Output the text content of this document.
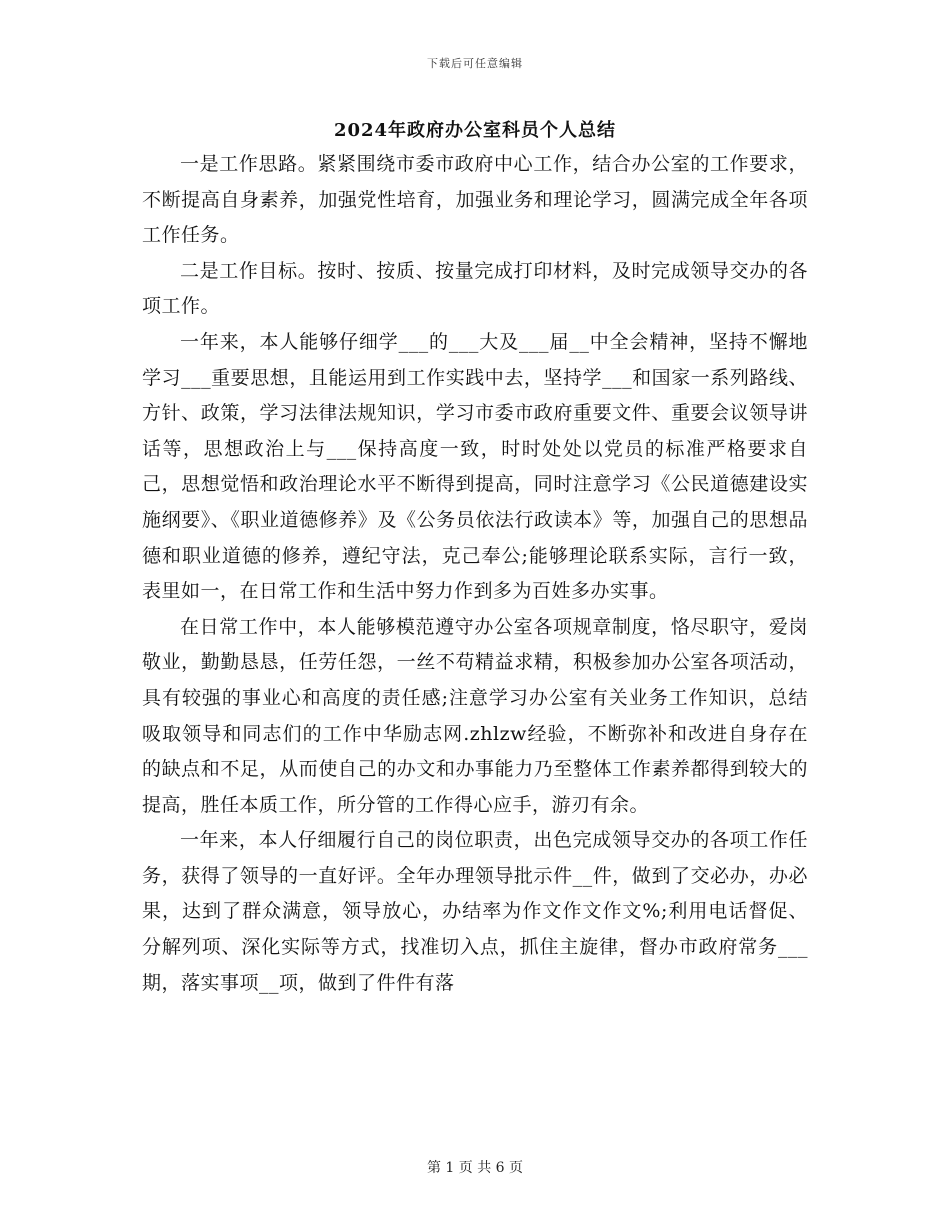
下载后可任意编辑
2024年政府办公室科员个人总结

一是工作思路。紧紧围绕市委市政府中心工作，结合办公室的工作要求，不断提高自身素养，加强党性培育，加强业务和理论学习，圆满完成全年各项工作任务。

二是工作目标。按时、按质、按量完成打印材料，及时完成领导交办的各项工作。

一年来，本人能够仔细学___的___大及___届__中全会精神，坚持不懈地学习___重要思想，且能运用到工作实践中去，坚持学___和国家一系列路线、方针、政策，学习法律法规知识，学习市委市政府重要文件、重要会议领导讲话等，思想政治上与___保持高度一致，时时处处以党员的标准严格要求自己，思想觉悟和政治理论水平不断得到提高，同时注意学习《公民道德建设实施纲要》、《职业道德修养》及《公务员依法行政读本》等，加强自己的思想品德和职业道德的修养，遵纪守法，克己奉公;能够理论联系实际，言行一致，表里如一，在日常工作和生活中努力作到多为百姓多办实事。

在日常工作中，本人能够模范遵守办公室各项规章制度，恪尽职守，爱岗敬业，勤勤恳恳，任劳任怨，一丝不苟精益求精，积极参加办公室各项活动，具有较强的事业心和高度的责任感;注意学习办公室有关业务工作知识，总结吸取领导和同志们的工作中华励志网.zhlzw经验，不断弥补和改进自身存在的缺点和不足，从而使自己的办文和办事能力乃至整体工作素养都得到较大的提高，胜任本质工作，所分管的工作得心应手，游刃有余。

一年来，本人仔细履行自己的岗位职责，出色完成领导交办的各项工作任务，获得了领导的一直好评。全年办理领导批示件__件，做到了交必办，办必果，达到了群众满意，领导放心，办结率为作文作文作文%;利用电话督促、分解列项、深化实际等方式，找准切入点，抓住主旋律，督办市政府常务___期，落实事项__项，做到了件件有落

第 1 页 共 6 页
